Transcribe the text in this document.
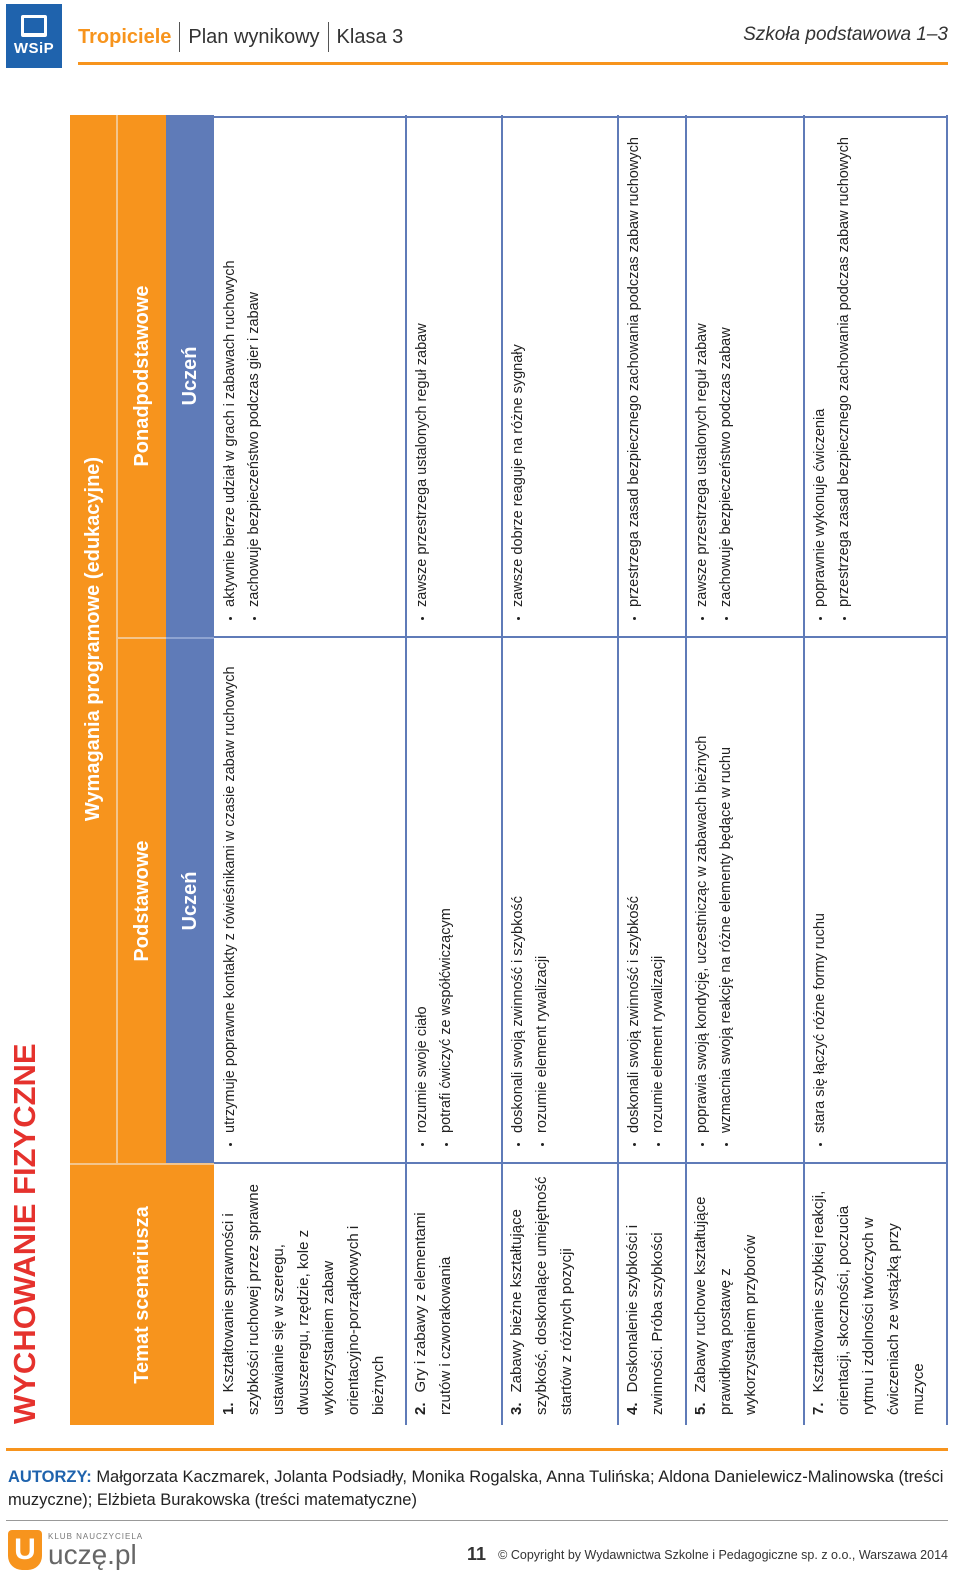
WSiP
Tropiciele Plan wynikowy Klasa 3	Szkoła podstawowa 1–3
WYCHOWANIE FIZYCZNE	Temat scenariusza
Wymagania programowe (edukacyjne)
Podstawowe
Ponadpodstawowe
Uczeń
Uczeń
1.Kształtowanie sprawności i szybkości ruchowej przez sprawne ustawianie się w szeregu, dwuszeregu, rzędzie, kole z wykorzystaniem zabaw orientacyjno-porządkowych i bieżnych
• utrzymuje poprawne kontakty z rówieśnikami w czasie zabaw ruchowych
• aktywnie bierze udział w grach i zabawach ruchowych • zachowuje bezpieczeństwo podczas gier i zabaw
2.Gry i zabawy z elementami rzutów i czworakowania
• rozumie swoje ciało • potrafi ćwiczyć ze współćwiczącym
• zawsze przestrzega ustalonych reguł zabaw
3.Zabawy bieżne kształtujące szybkość, doskonalące umiejętność startów z różnych pozycji
• doskonali swoją zwinność i szybkość • rozumie element rywalizacji
• zawsze dobrze reaguje na różne sygnały
4.Doskonalenie szybkości i zwinności. Próba szybkości
• doskonali swoją zwinność i szybkość • rozumie element rywalizacji
• przestrzega zasad bezpiecznego zachowania podczas zabaw ruchowych
5.Zabawy ruchowe kształtujące prawidłową postawę z wykorzystaniem przyborów
• poprawia swoją kondycję, uczestnicząc w zabawach bieżnych • wzmacnia swoją reakcję na różne elementy będące w ruchu
• zawsze przestrzega ustalonych reguł zabaw • zachowuje bezpieczeństwo podczas zabaw
7.Kształtowanie szybkiej reakcji, orientacji, skoczności, poczucia rytmu i zdolności twórczych w ćwiczeniach ze wstążką przy muzyce
• stara się łączyć różne formy ruchu
• poprawnie wykonuje ćwiczenia • przestrzega zasad bezpiecznego zachowania podczas zabaw ruchowych
AUTORZY: Małgorzata Kaczmarek, Jolanta Podsiadły, Monika Rogalska, Anna Tulińska; Aldona Danielewicz-Malinowska (treści muzyczne); Elżbieta Burakowska (treści matematyczne)
U	KLUB NAUCZYCIELA
uczę.pl	11 © Copyright by Wydawnictwa Szkolne i Pedagogiczne sp. z o.o., Warszawa 2014
